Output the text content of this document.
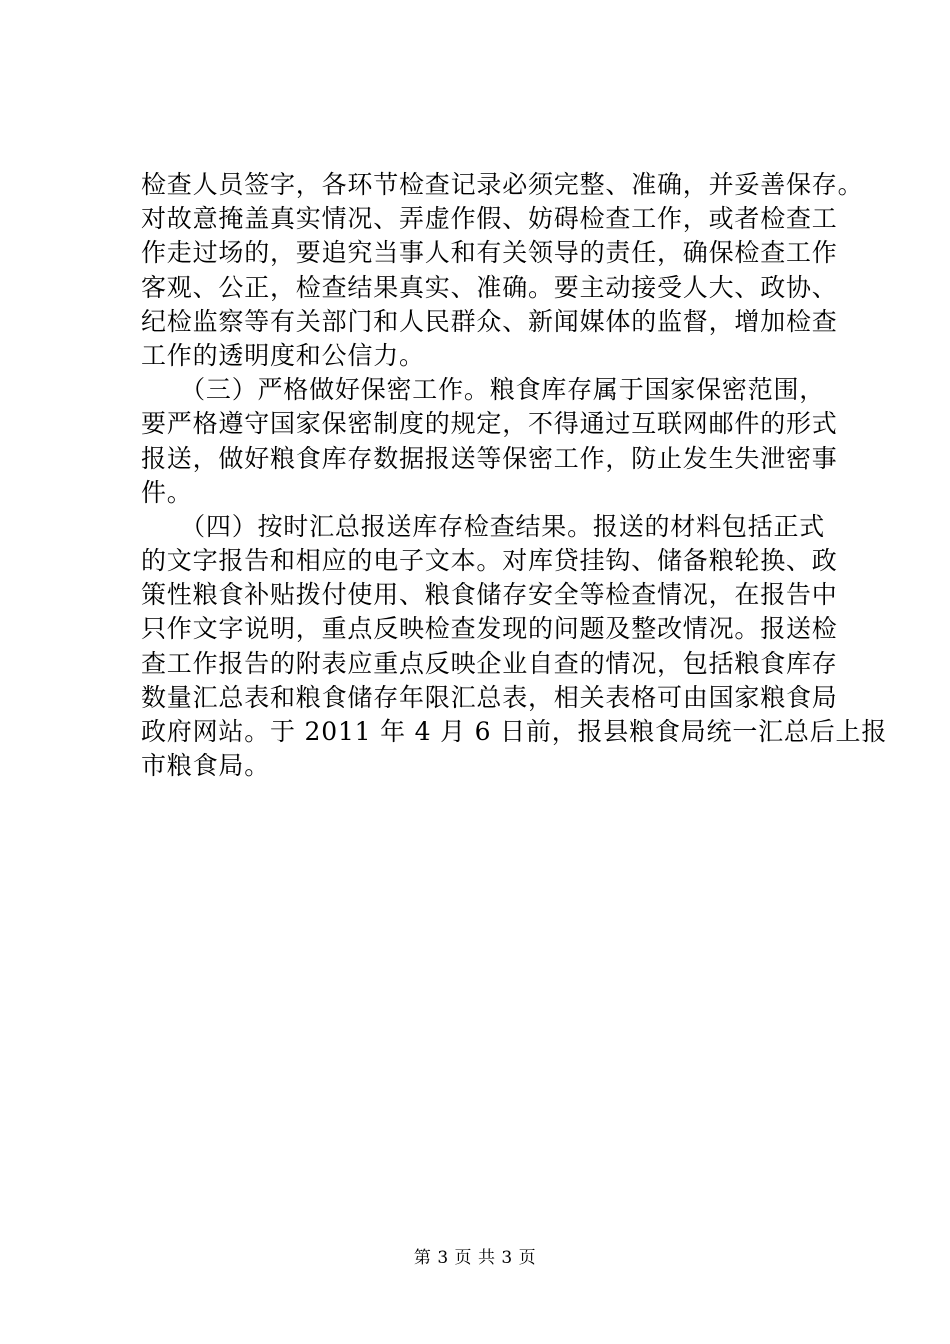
检查人员签字，各环节检查记录必须完整、准确，并妥善保存。
对故意掩盖真实情况、弄虚作假、妨碍检查工作，或者检查工
作走过场的，要追究当事人和有关领导的责任，确保检查工作
客观、公正，检查结果真实、准确。要主动接受人大、政协、
纪检监察等有关部门和人民群众、新闻媒体的监督，增加检查
工作的透明度和公信力。
　　（三）严格做好保密工作。粮食库存属于国家保密范围，
要严格遵守国家保密制度的规定，不得通过互联网邮件的形式
报送，做好粮食库存数据报送等保密工作，防止发生失泄密事
件。
　　（四）按时汇总报送库存检查结果。报送的材料包括正式
的文字报告和相应的电子文本。对库贷挂钩、储备粮轮换、政
策性粮食补贴拨付使用、粮食储存安全等检查情况，在报告中
只作文字说明，重点反映检查发现的问题及整改情况。报送检
查工作报告的附表应重点反映企业自查的情况，包括粮食库存
数量汇总表和粮食储存年限汇总表，相关表格可由国家粮食局
政府网站。于 2011 年 4 月 6 日前，报县粮食局统一汇总后上报
市粮食局。
第 3 页 共 3 页
